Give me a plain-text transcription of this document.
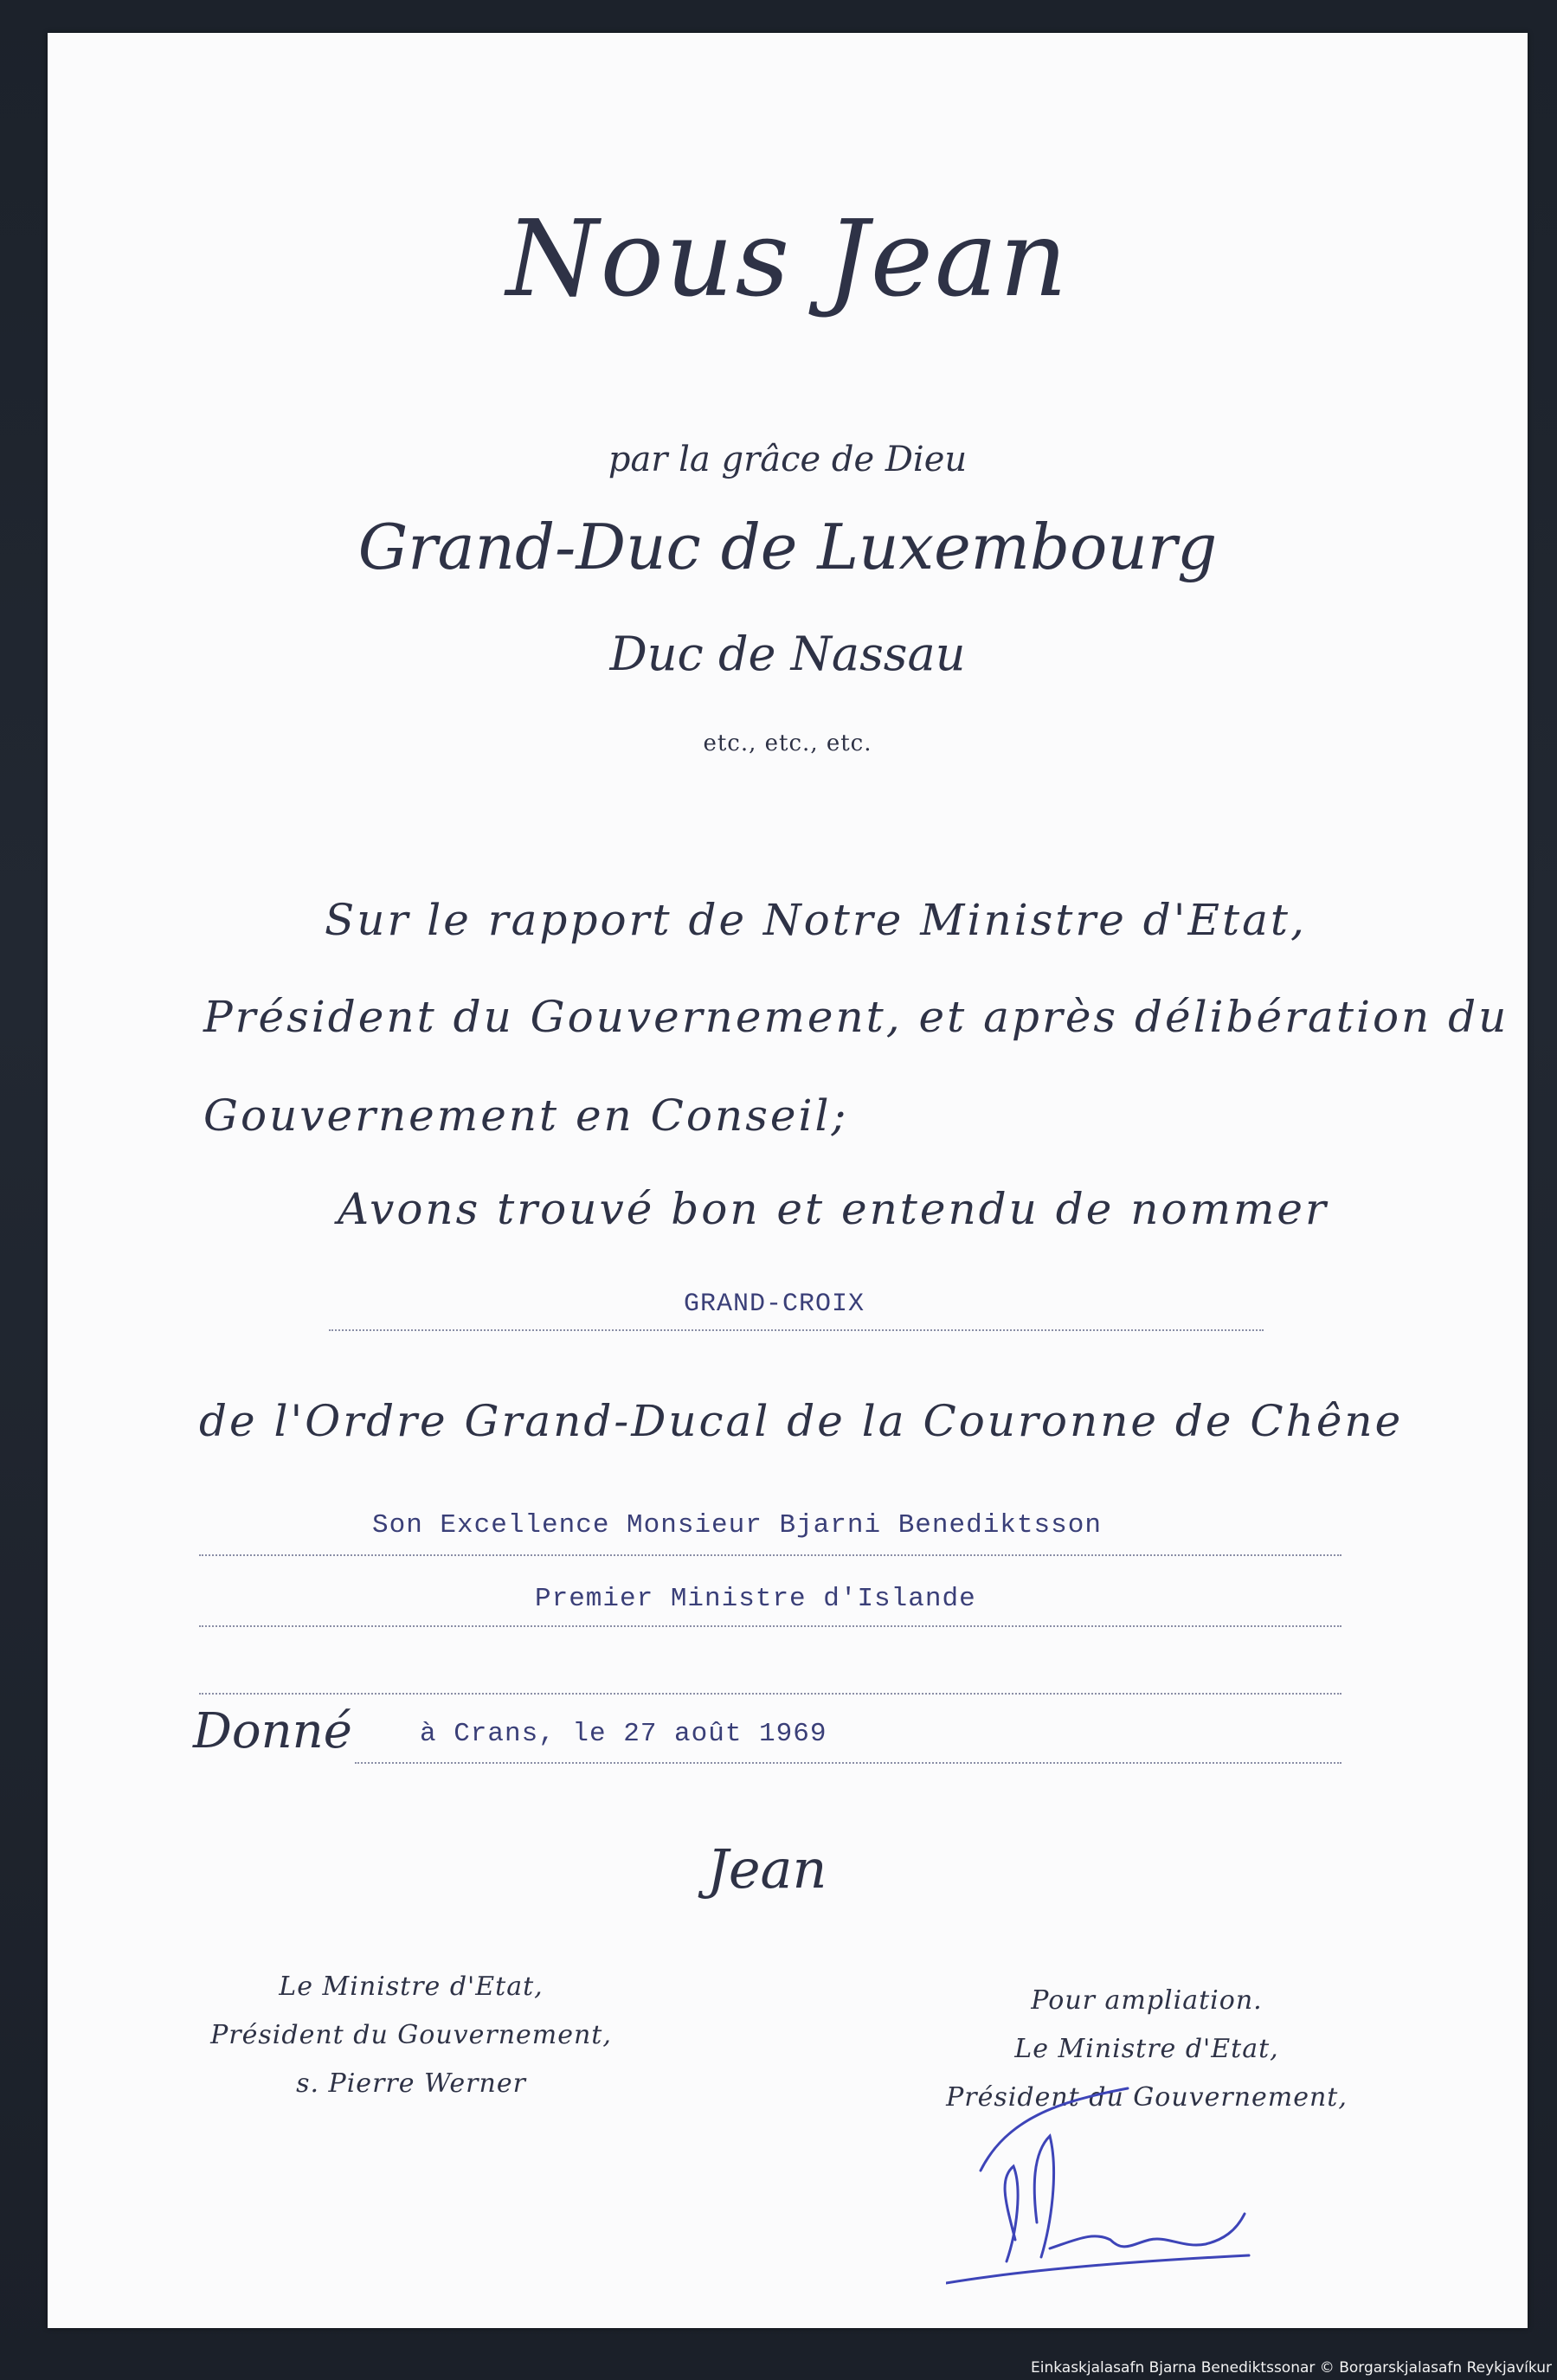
Nous Jean
par la grâce de Dieu
Grand-Duc de Luxembourg
Duc de Nassau
etc., etc., etc.
Sur le rapport de Notre Ministre d'Etat,
Président du Gouvernement, et après délibération du
Gouvernement en Conseil;
Avons trouvé bon et entendu de nommer
GRAND-CROIX
de l'Ordre Grand-Ducal de la Couronne de Chêne
Son Excellence Monsieur Bjarni Benediktsson
Premier Ministre d'Islande
Donné	à Crans, le 27 août 1969
Jean
Le Ministre d'Etat,
Président du Gouvernement,
s. Pierre Werner
Pour ampliation.
Le Ministre d'Etat,
Président du Gouvernement,
Einkaskjalasafn Bjarna Benediktssonar © Borgarskjalasafn Reykjavíkur
